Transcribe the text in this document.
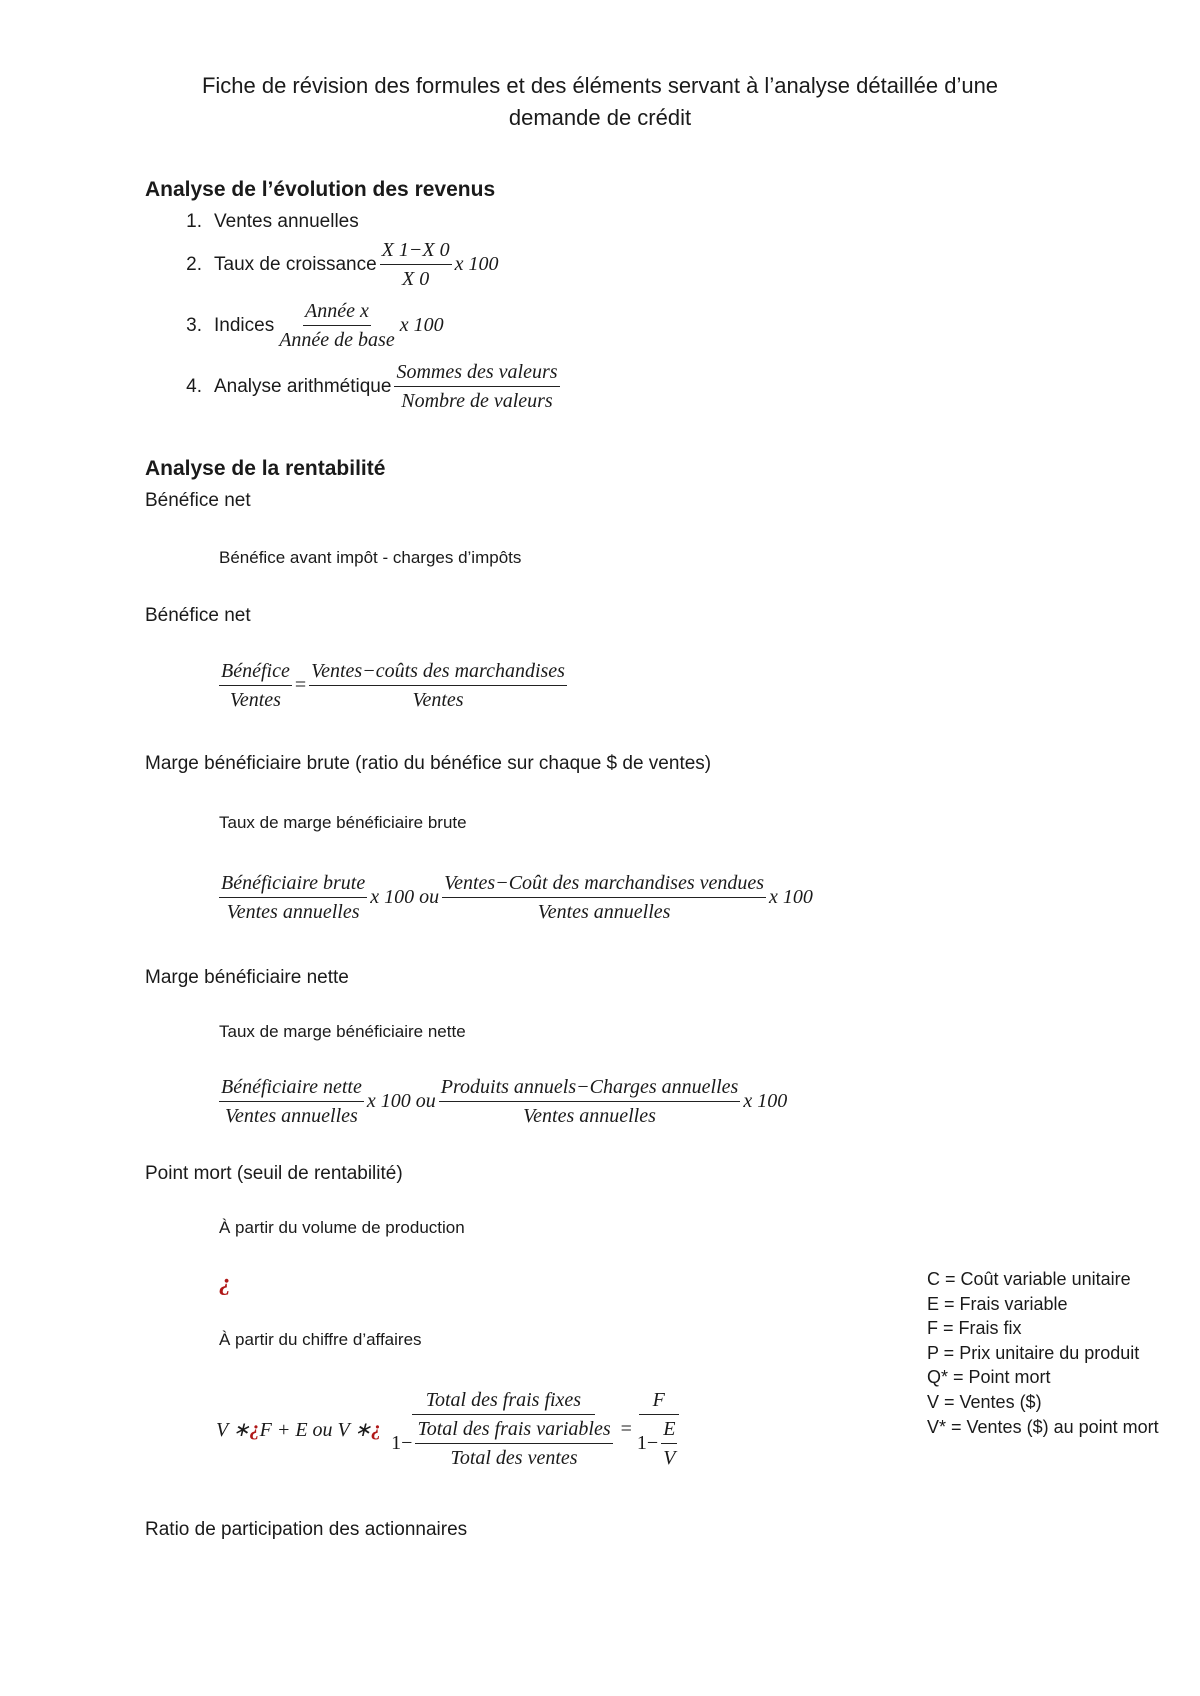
Fiche de révision des formules et des éléments servant à l’analyse détaillée d’une
demande de crédit
Analyse de l’évolution des revenus
1. Ventes annuelles
2. Taux de croissance $\frac{X 1-X 0}{X 0}$ x 100
3. Indices $\frac{\text{Année x}}{\text{Année de base}}$ x 100
4. Analyse arithmétique $\frac{\text{Sommes des valeurs}}{\text{Nombre de valeurs}}$
Analyse de la rentabilité
Bénéfice net
Bénéfice avant impôt - charges d’impôts
Bénéfice net
$\frac{\text{Bénéfice}}{\text{Ventes}} = \frac{\text{Ventes−coûts des marchandises}}{\text{Ventes}}$
Marge bénéficiaire brute (ratio du bénéfice sur chaque $ de ventes)
Taux de marge bénéficiaire brute
$\frac{\text{Bénéficiaire brute}}{\text{Ventes annuelles}}$ x 100 ou $\frac{\text{Ventes−Coût des marchandises vendues}}{\text{Ventes annuelles}}$ x 100
Marge bénéficiaire nette
Taux de marge bénéficiaire nette
$\frac{\text{Bénéficiaire nette}}{\text{Ventes annuelles}}$ x 100 ou $\frac{\text{Produits annuels−Charges annuelles}}{\text{Ventes annuelles}}$ x 100
Point mort (seuil de rentabilité)
À partir du volume de production
¿
À partir du chiffre d’affaires
V ∗ ¿ F + E ou V ∗ ¿
Total des frais fixes
$1- \frac{\text{Total des frais variables}}{\text{Total des ventes}} = \frac{F}{1- \frac{E}{V}}$
C = Coût variable unitaire
E = Frais variable
F = Frais fix
P = Prix unitaire du produit
Q* = Point mort
V = Ventes ($)
V* = Ventes ($) au point mort
Ratio de participation des actionnaires
